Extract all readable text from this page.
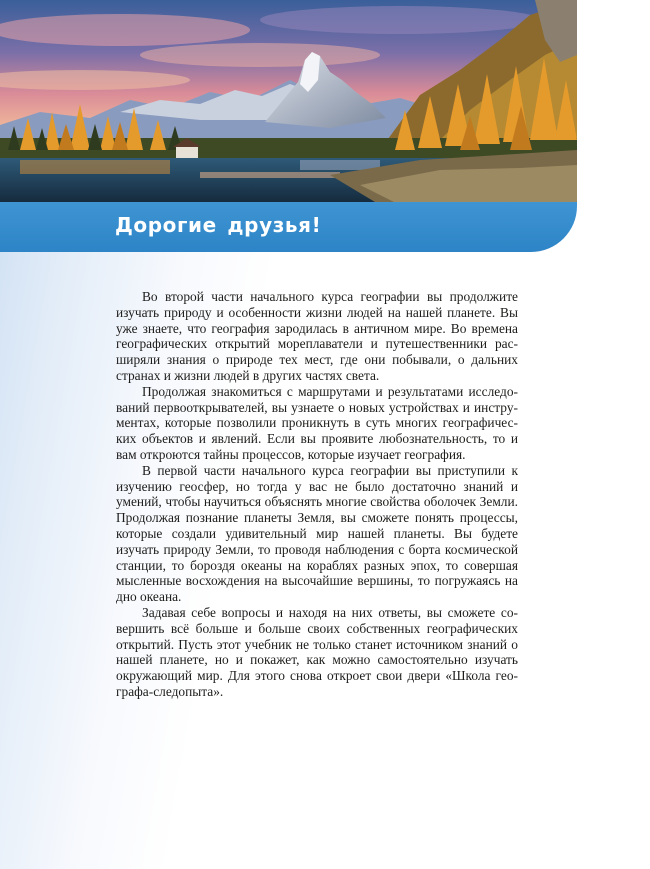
Дорогие друзья!

Во второй части начального курса географии вы продолжите изучать природу и особенности жизни людей на нашей планете. Вы уже знаете, что география зародилась в античном мире. Во времена географических открытий мореплаватели и путешественники расширяли знания о природе тех мест, где они побывали, о дальних странах и жизни людей в других частях света.

Продолжая знакомиться с маршрутами и результатами исследований первооткрывателей, вы узнаете о новых устройствах и инструментах, которые позволили проникнуть в суть многих географических объектов и явлений. Если вы проявите любознательность, то и вам откроются тайны процессов, которые изучает география.

В первой части начального курса географии вы приступили к изучению геосфер, но тогда у вас не было достаточно знаний и умений, чтобы научиться объяснять многие свойства оболочек Земли. Продолжая познание планеты Земля, вы сможете понять процессы, которые создали удивительный мир нашей планеты. Вы будете изучать природу Земли, то проводя наблюдения с борта космической станции, то бороздя океаны на кораблях разных эпох, то совершая мысленные восхождения на высочайшие вершины, то погружаясь на дно океана.

Задавая себе вопросы и находя на них ответы, вы сможете совершить всё больше и больше своих собственных географических открытий. Пусть этот учебник не только станет источником знаний о нашей планете, но и покажет, как можно самостоятельно изучать окружающий мир. Для этого снова откроет свои двери «Школа географа-следопыта».
